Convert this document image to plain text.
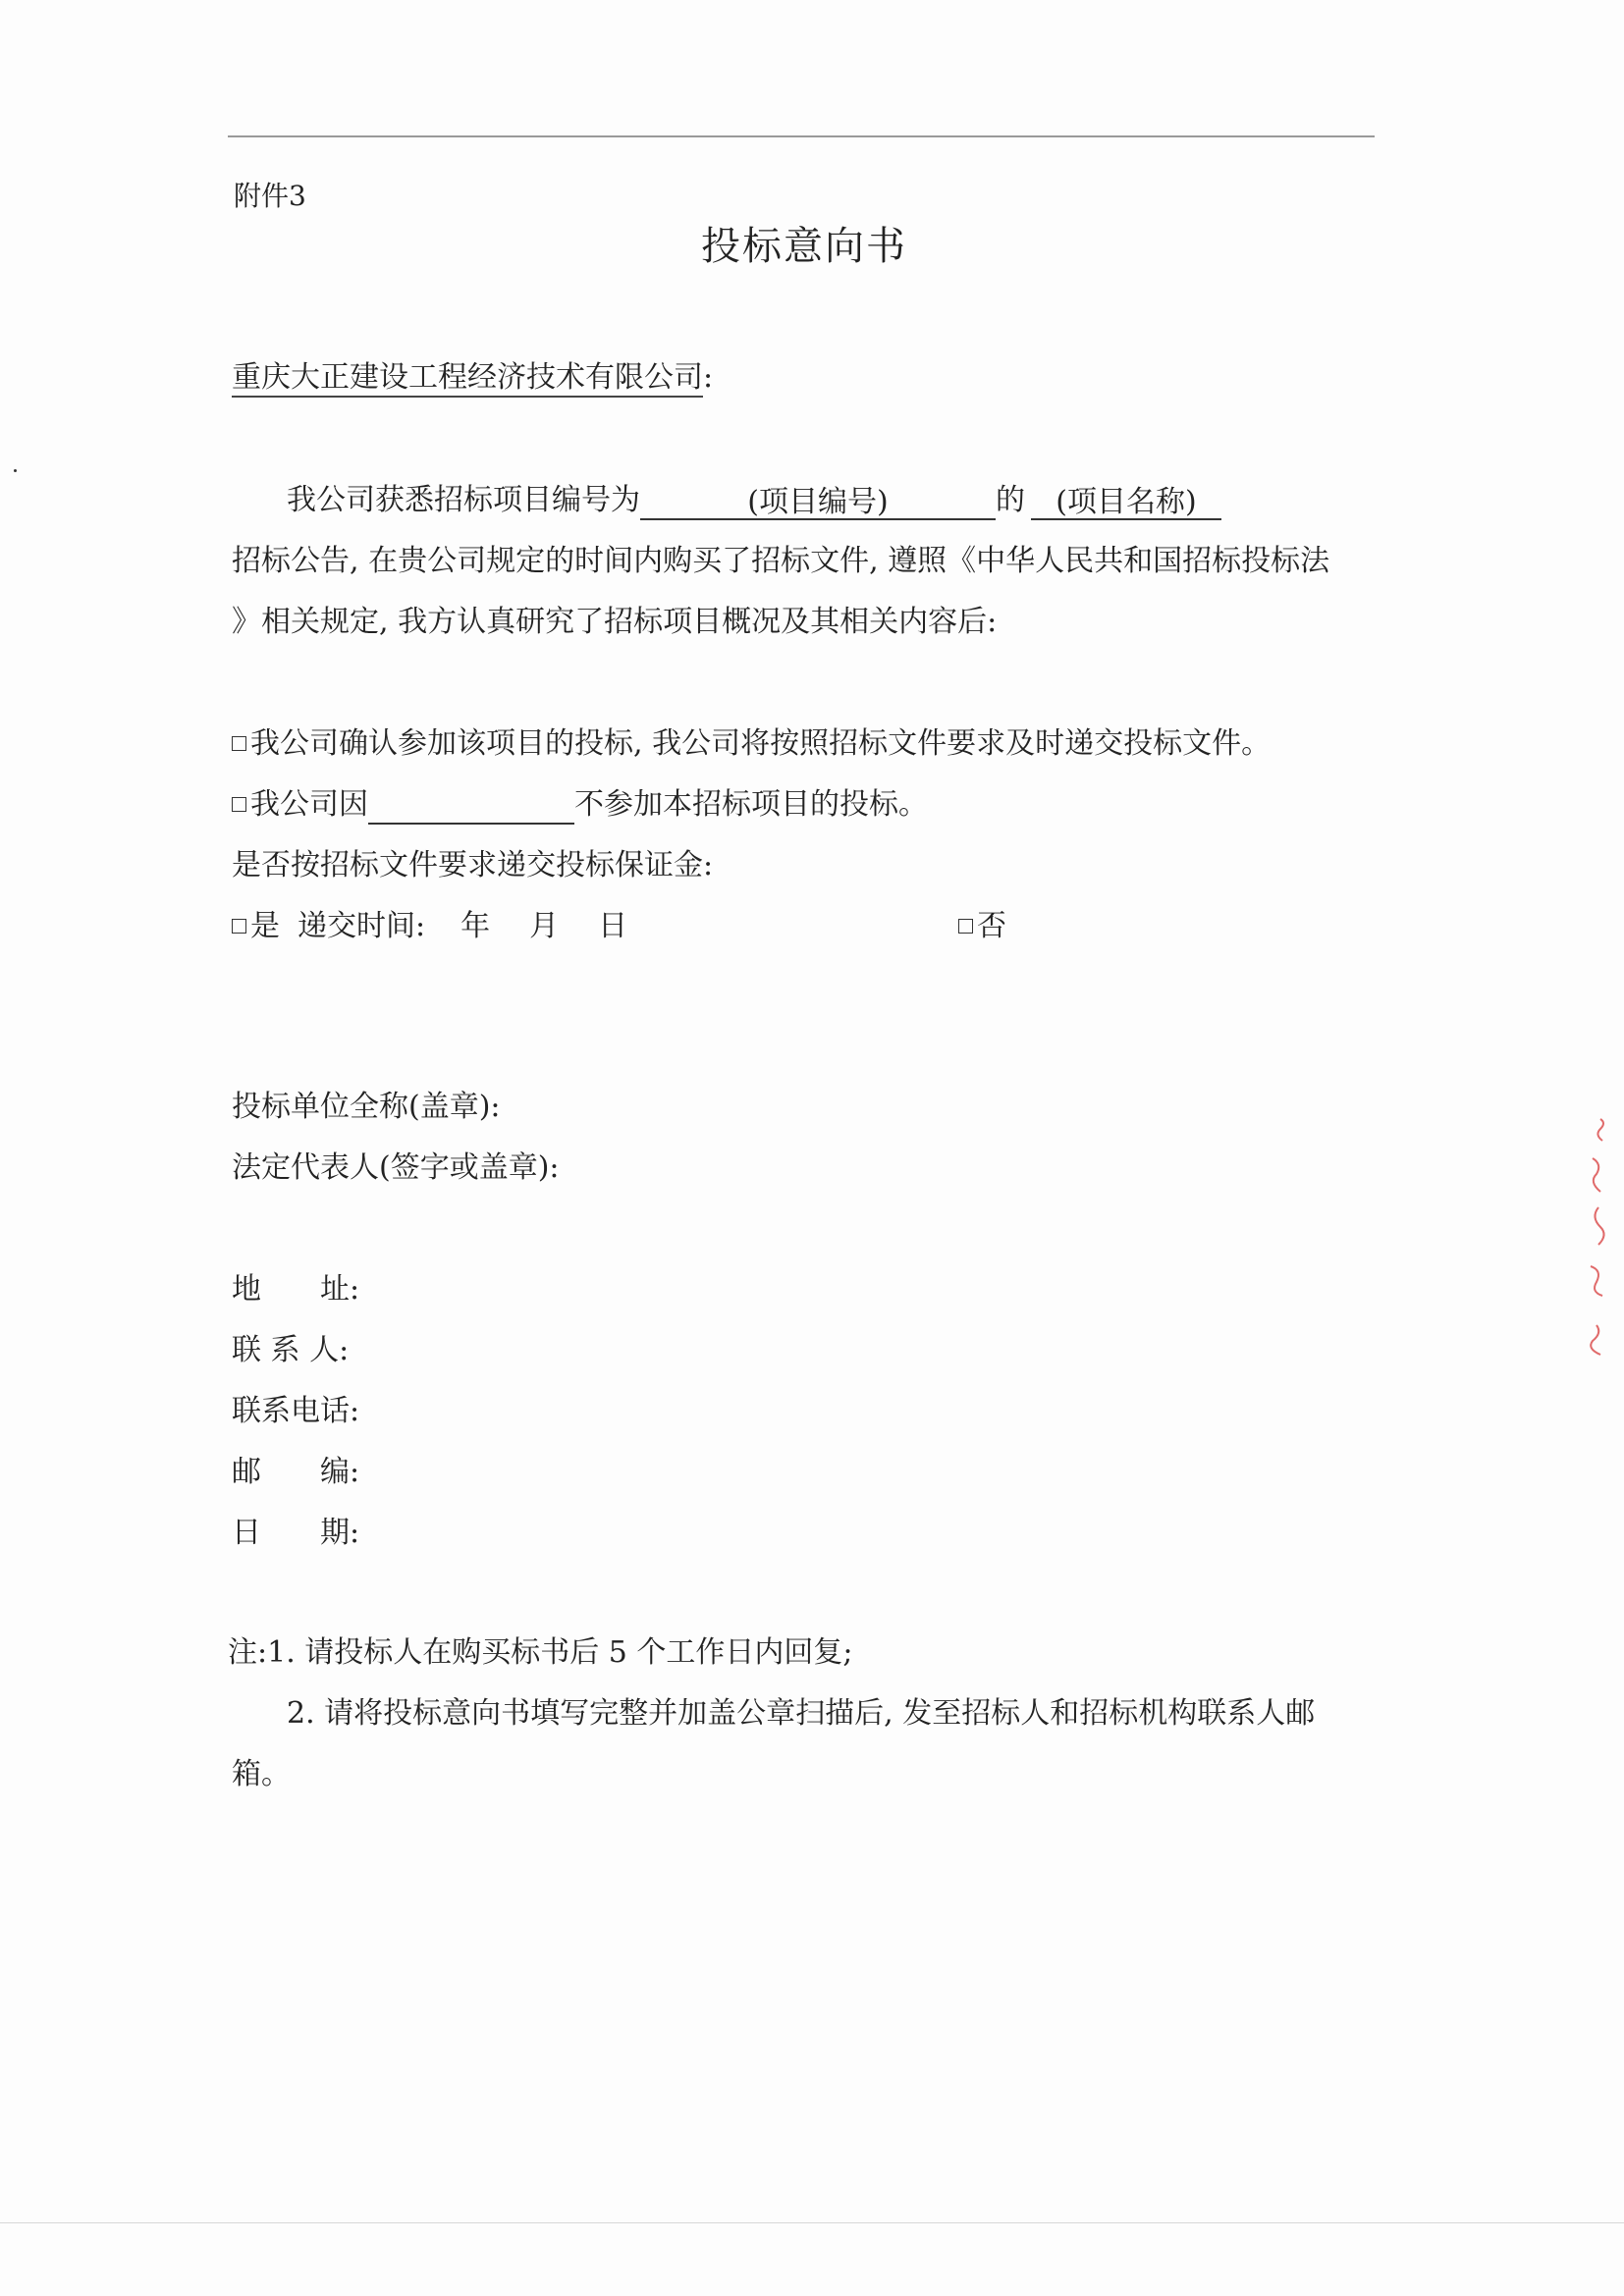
附件3
投标意向书
重庆大正建设工程经济技术有限公司:
我公司获悉招标项目编号为	(项目编号)	的 (项目名称)
招标公告, 在贵公司规定的时间内购买了招标文件, 遵照《中华人民共和国招标投标法
》相关规定, 我方认真研究了招标项目概况及其相关内容后:
我公司确认参加该项目的投标, 我公司将按照招标文件要求及时递交投标文件。
我公司因	不参加本招标项目的投标。
是否按招标文件要求递交投标保证金:
是 递交时间: 年 月 日	否
投标单位全称(盖章):
法定代表人(签字或盖章):
地 址:
联 系 人:
联系电话:
邮 编:
日 期:
注:1. 请投标人在购买标书后 5 个工作日内回复;
2. 请将投标意向书填写完整并加盖公章扫描后, 发至招标人和招标机构联系人邮
箱。
